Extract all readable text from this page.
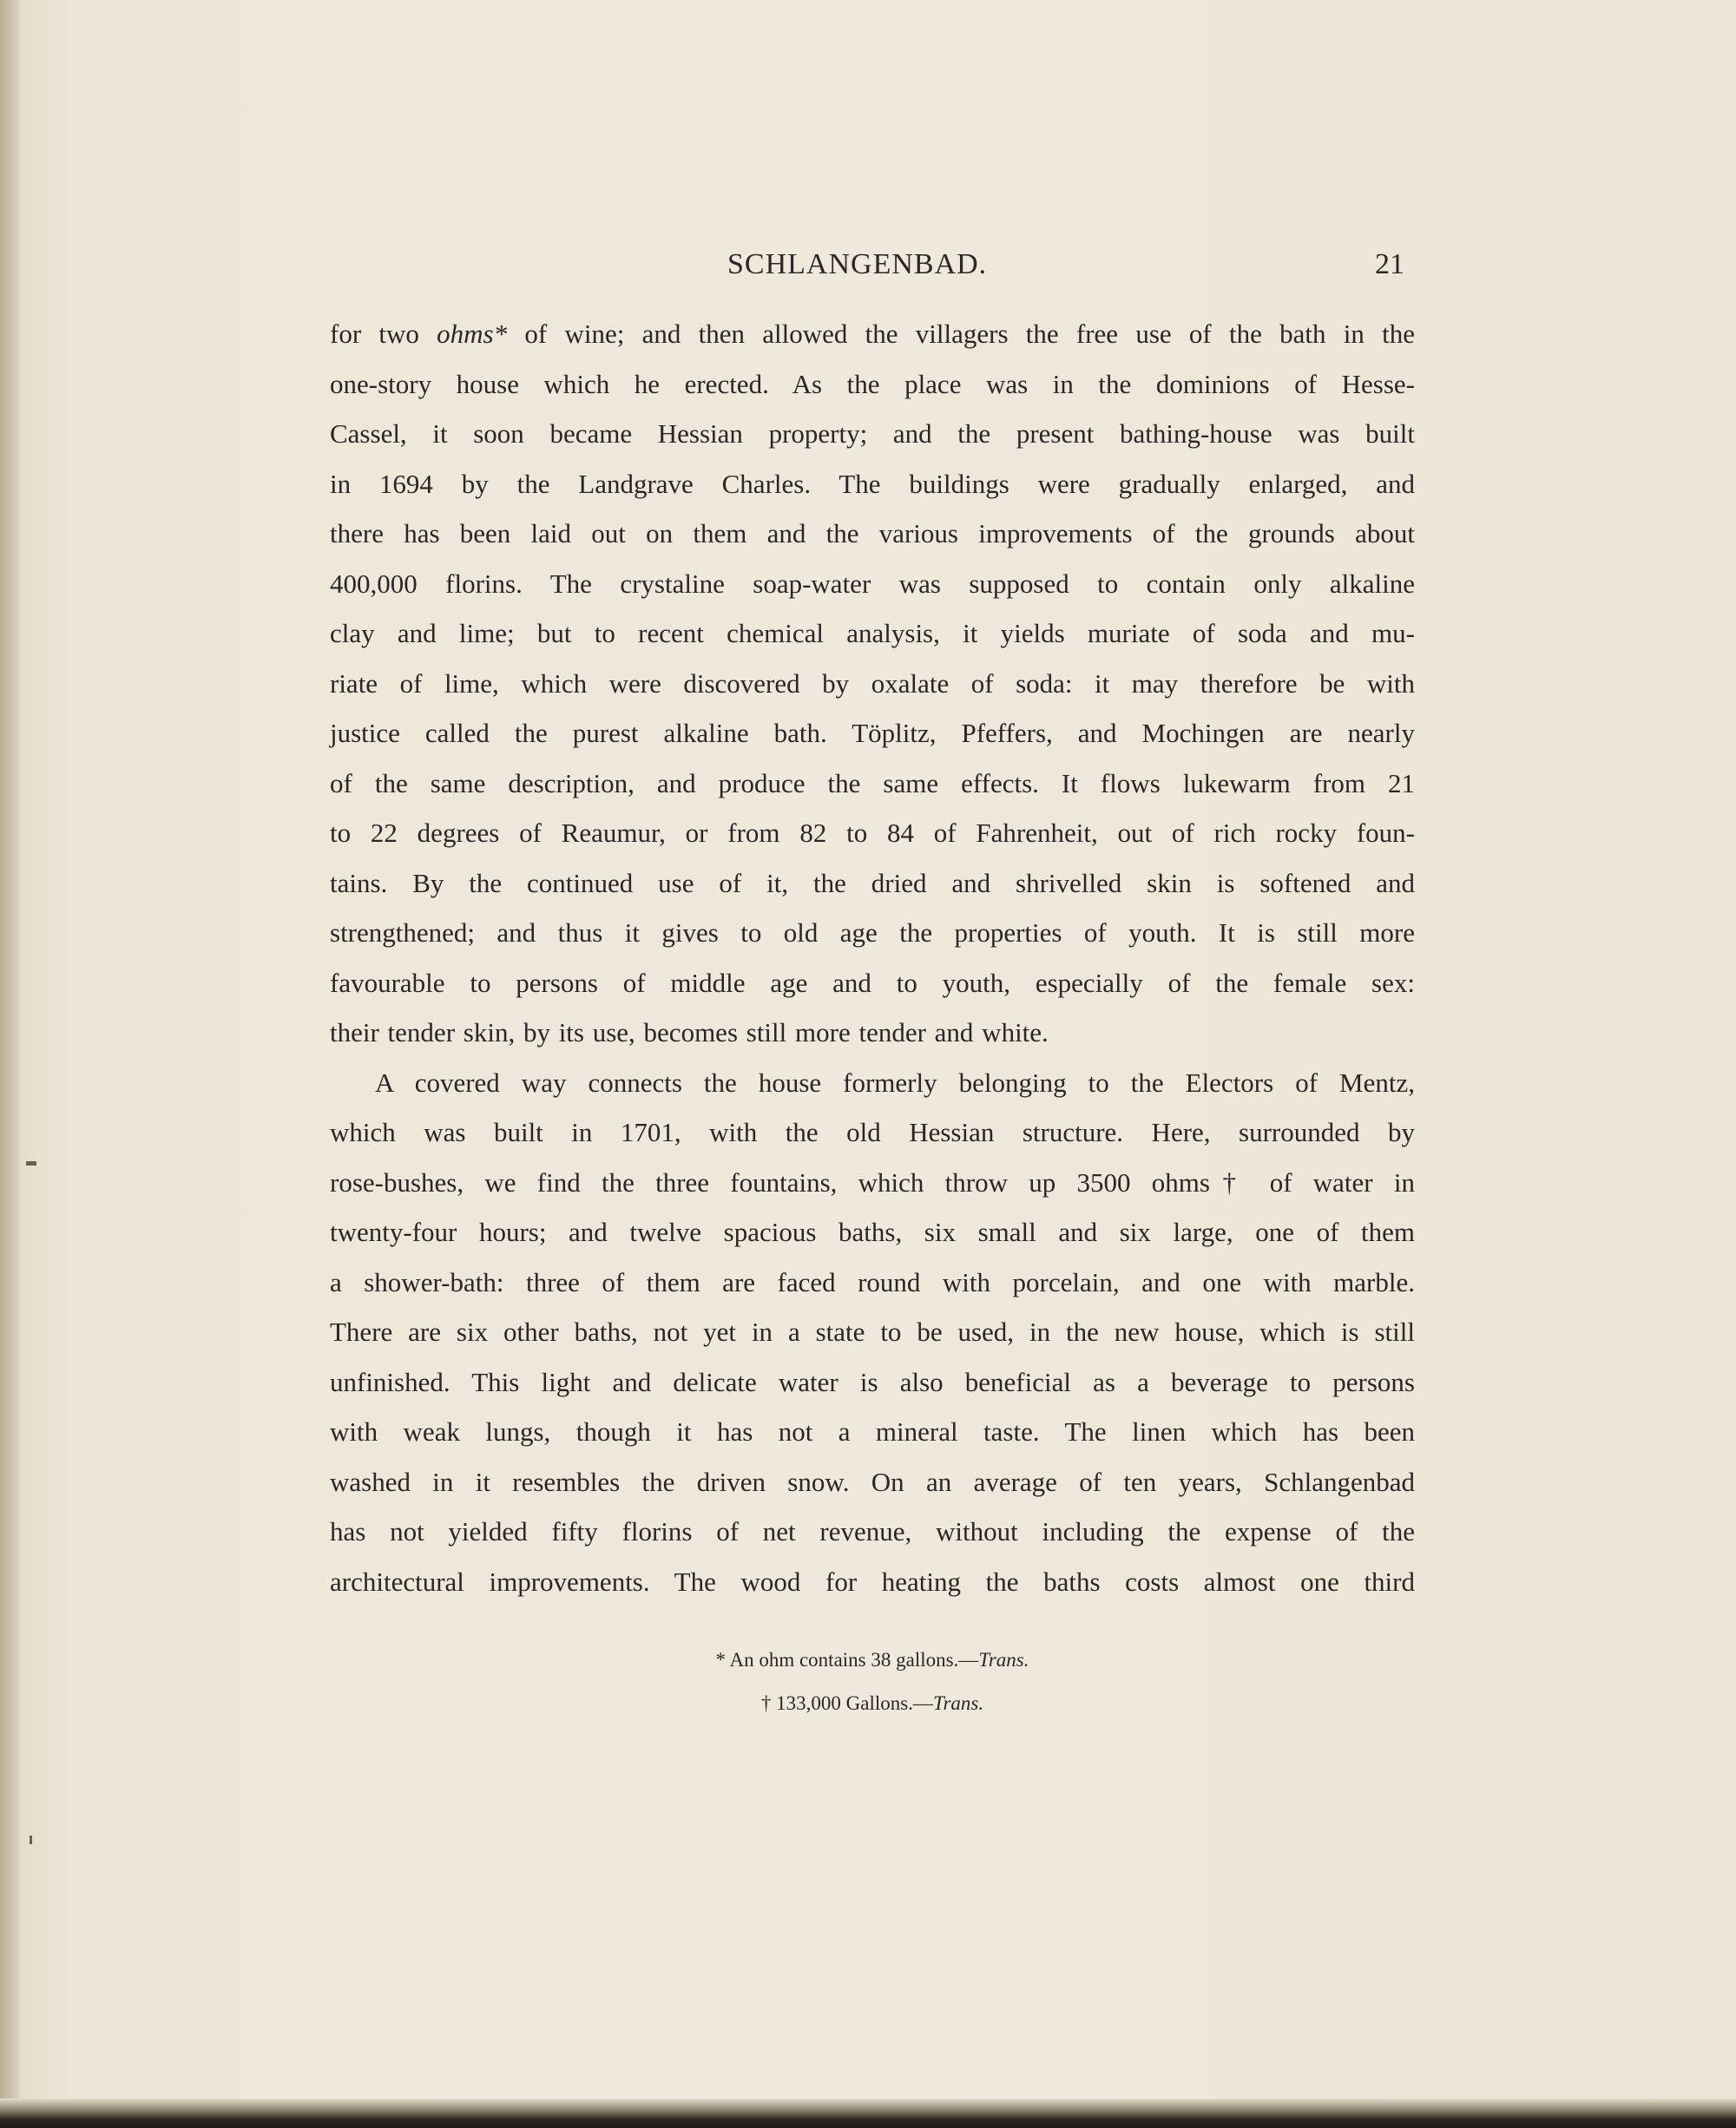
SCHLANGENBAD.	21
for two ohms* of wine; and then allowed the villagers the free use of the bath in the
one-story house which he erected. As the place was in the dominions of Hesse-
Cassel, it soon became Hessian property; and the present bathing-house was built
in 1694 by the Landgrave Charles. The buildings were gradually enlarged, and
there has been laid out on them and the various improvements of the grounds about
400,000 florins. The crystaline soap-water was supposed to contain only alkaline
clay and lime; but to recent chemical analysis, it yields muriate of soda and mu-
riate of lime, which were discovered by oxalate of soda: it may therefore be with
justice called the purest alkaline bath. Töplitz, Pfeffers, and Mochingen are nearly
of the same description, and produce the same effects. It flows lukewarm from 21
to 22 degrees of Reaumur, or from 82 to 84 of Fahrenheit, out of rich rocky foun-
tains. By the continued use of it, the dried and shrivelled skin is softened and
strengthened; and thus it gives to old age the properties of youth. It is still more
favourable to persons of middle age and to youth, especially of the female sex:
their tender skin, by its use, becomes still more tender and white.
A covered way connects the house formerly belonging to the Electors of Mentz,
which was built in 1701, with the old Hessian structure. Here, surrounded by
rose-bushes, we find the three fountains, which throw up 3500 ohms† of water in
twenty-four hours; and twelve spacious baths, six small and six large, one of them
a shower-bath: three of them are faced round with porcelain, and one with marble.
There are six other baths, not yet in a state to be used, in the new house, which is still
unfinished. This light and delicate water is also beneficial as a beverage to persons
with weak lungs, though it has not a mineral taste. The linen which has been
washed in it resembles the driven snow. On an average of ten years, Schlangenbad
has not yielded fifty florins of net revenue, without including the expense of the
architectural improvements. The wood for heating the baths costs almost one third
* An ohm contains 38 gallons.—Trans.
† 133,000 Gallons.—Trans.
